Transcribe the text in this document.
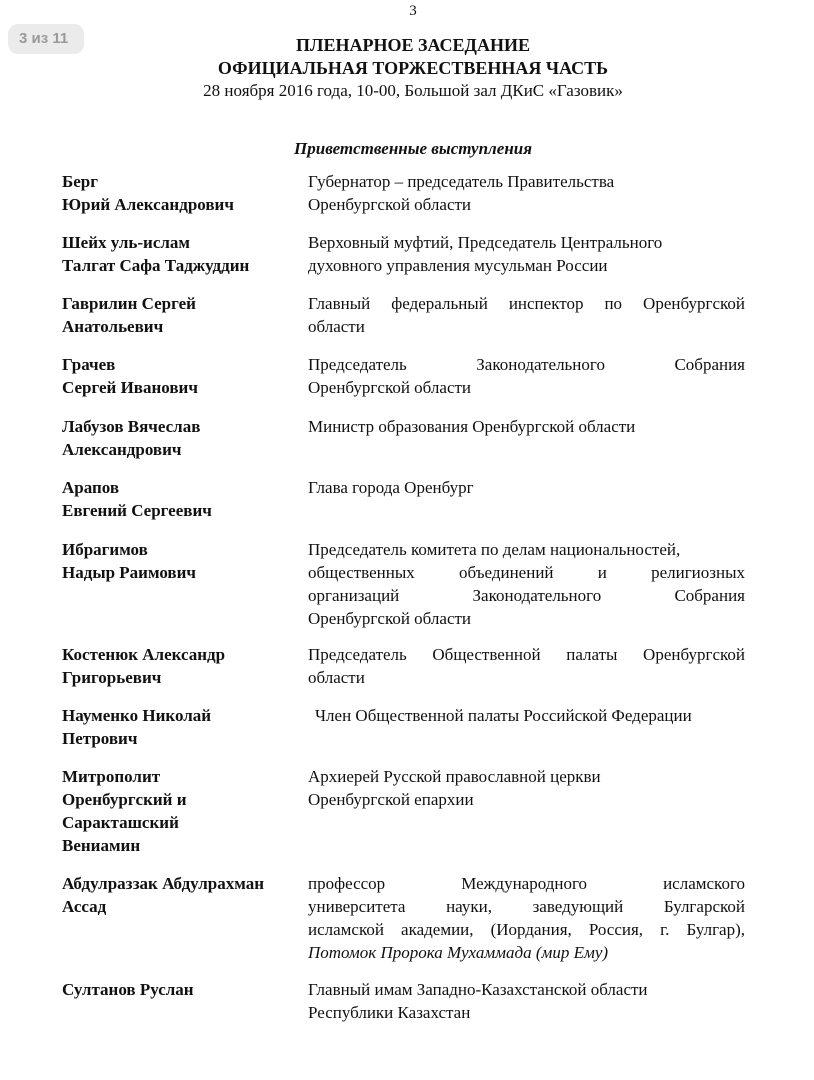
3 из 11
3
ПЛЕНАРНОЕ ЗАСЕДАНИЕ
ОФИЦИАЛЬНАЯ ТОРЖЕСТВЕННАЯ ЧАСТЬ
28 ноября 2016 года, 10-00, Большой зал ДКиС «Газовик»
Приветственные выступления
Берг
Юрий Александрович
Губернатор – председатель Правительства
Оренбургской области
Шейх уль-ислам
Талгат Сафа Таджуддин
Верховный муфтий, Председатель Центрального
духовного управления мусульман России
Гаврилин Сергей
Анатольевич
Главный федеральный инспектор по Оренбургской
области
Грачев
Сергей Иванович
Председатель Законодательного Собрания
Оренбургской области
Лабузов Вячеслав
Александрович
Министр образования Оренбургской области
Арапов
Евгений Сергеевич
Глава города Оренбург
Ибрагимов
Надыр Раимович
Председатель комитета по делам национальностей,
общественных объединений и религиозных
организаций Законодательного Собрания
Оренбургской области
Костенюк Александр
Григорьевич
Председатель Общественной палаты Оренбургской
области
Науменко Николай
Петрович
Член Общественной палаты Российской Федерации
Митрополит
Оренбургский и
Саракташский
Вениамин
Архиерей Русской православной церкви
Оренбургской епархии
Абдулраззак Абдулрахман
Ассад
профессор Международного исламского
университета науки, заведующий Булгарской
исламской академии, (Иордания, Россия, г. Булгар),
Потомок Пророка Мухаммада (мир Ему)
Султанов Руслан	Главный имам Западно-Казахстанской области
Республики Казахстан
